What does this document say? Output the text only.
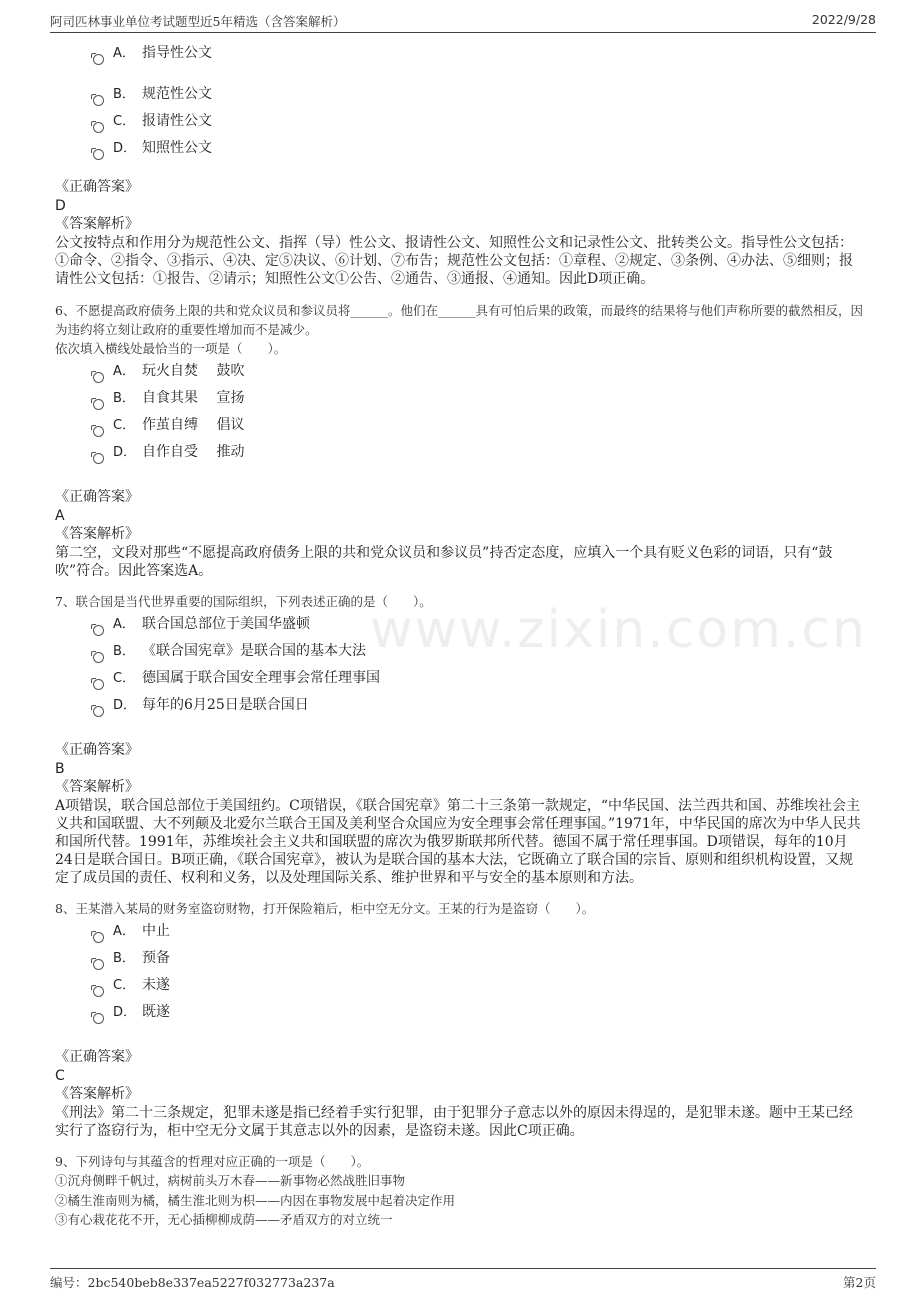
阿司匹林事业单位考试题型近5年精选（含答案解析）	2022/9/28
www.zixin.com.cn
A． 指导性公文
B． 规范性公文
C． 报请性公文
D． 知照性公文
《正确答案》
D
《答案解析》
公文按特点和作用分为规范性公文、指挥（导）性公文、报请性公文、知照性公文和记录性公文、批转类公文。指导性公文包括：①命令、②指令、③指示、④决、定⑤决议、⑥计划、⑦布告；规范性公文包括：①章程、②规定、③条例、④办法、⑤细则；报请性公文包括：①报告、②请示；知照性公文①公告、②通告、③通报、④通知。因此D项正确。
6、不愿提高政府债务上限的共和党众议员和参议员将______。他们在______具有可怕后果的政策，而最终的结果将与他们声称所要的截然相反，因为违约将立刻让政府的重要性增加而不是减少。
依次填入横线处最恰当的一项是（　　）。
A． 玩火自焚　 鼓吹
B． 自食其果　 宣扬
C． 作茧自缚　 倡议
D． 自作自受　 推动
《正确答案》
A
《答案解析》
第二空，文段对那些“不愿提高政府债务上限的共和党众议员和参议员”持否定态度，应填入一个具有贬义色彩的词语，只有“鼓吹”符合。因此答案选A。
7、联合国是当代世界重要的国际组织，下列表述正确的是（　　）。
A． 联合国总部位于美国华盛顿
B． 《联合国宪章》是联合国的基本大法
C． 德国属于联合国安全理事会常任理事国
D． 每年的6月25日是联合国日
《正确答案》
B
《答案解析》
A项错误，联合国总部位于美国纽约。C项错误，《联合国宪章》第二十三条第一款规定，“中华民国、法兰西共和国、苏维埃社会主义共和国联盟、大不列颠及北爱尔兰联合王国及美利坚合众国应为安全理事会常任理事国。”1971年，中华民国的席次为中华人民共和国所代替。1991年，苏维埃社会主义共和国联盟的席次为俄罗斯联邦所代替。德国不属于常任理事国。D项错误，每年的10月24日是联合国日。B项正确，《联合国宪章》，被认为是联合国的基本大法，它既确立了联合国的宗旨、原则和组织机构设置，又规定了成员国的责任、权利和义务，以及处理国际关系、维护世界和平与安全的基本原则和方法。
8、王某潜入某局的财务室盗窃财物，打开保险箱后，柜中空无分文。王某的行为是盗窃（　　）。
A． 中止
B． 预备
C． 未遂
D． 既遂
《正确答案》
C
《答案解析》
《刑法》第二十三条规定，犯罪未遂是指已经着手实行犯罪，由于犯罪分子意志以外的原因未得逞的，是犯罪未遂。题中王某已经实行了盗窃行为，柜中空无分文属于其意志以外的因素，是盗窃未遂。因此C项正确。
9、下列诗句与其蕴含的哲理对应正确的一项是（　　）。
①沉舟侧畔千帆过，病树前头万木春——新事物必然战胜旧事物
②橘生淮南则为橘，橘生淮北则为枳——内因在事物发展中起着决定作用
③有心栽花花不开，无心插柳柳成荫——矛盾双方的对立统一
编号：2bc540beb8e337ea5227f032773a237a	第2页
